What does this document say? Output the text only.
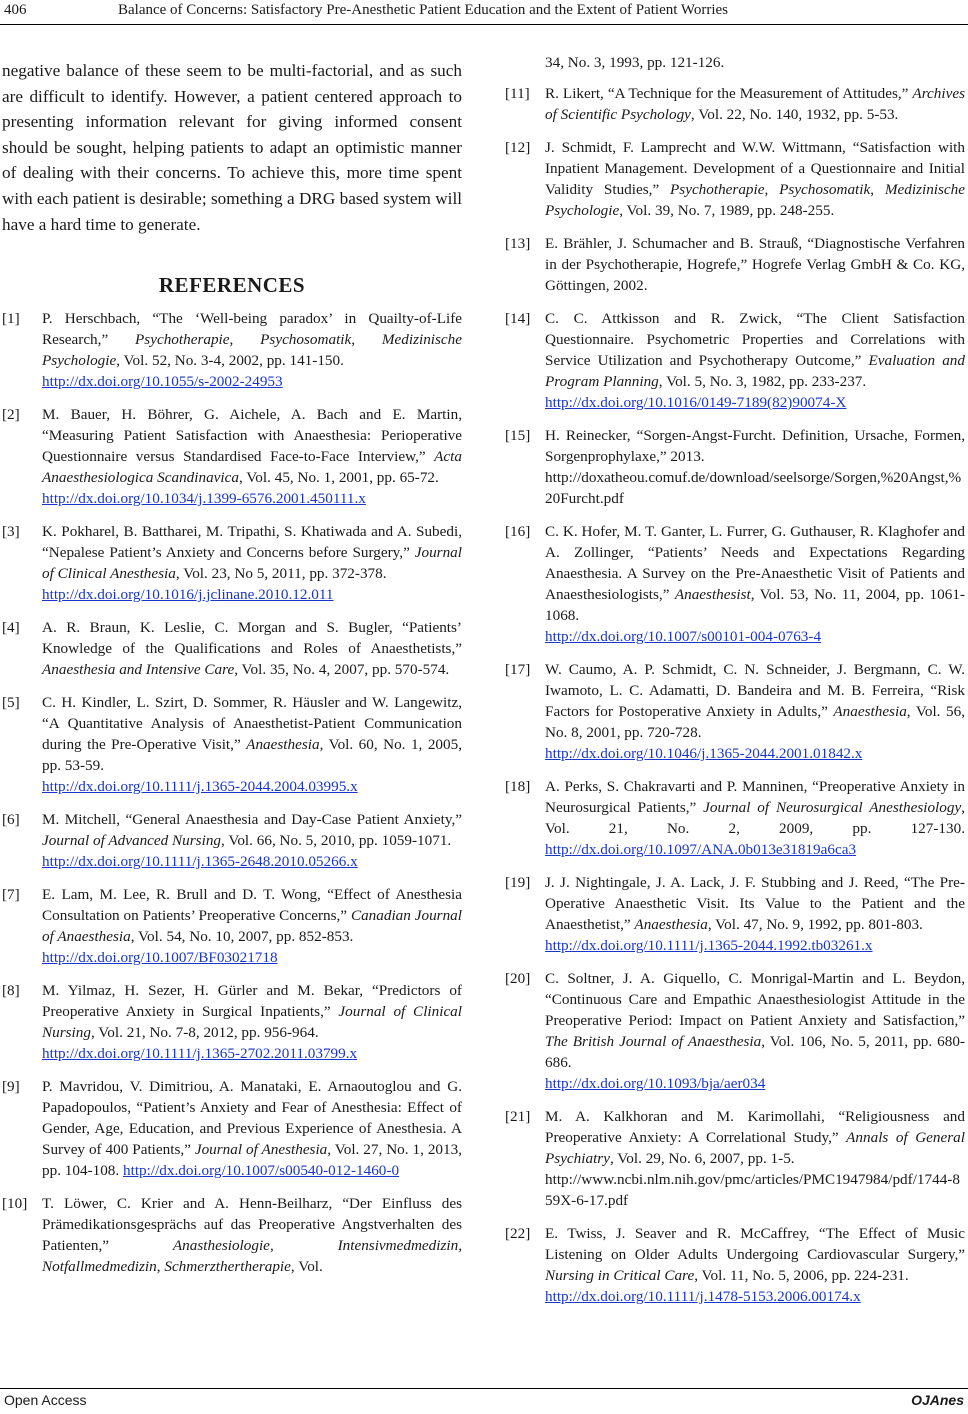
406	Balance of Concerns: Satisfactory Pre-Anesthetic Patient Education and the Extent of Patient Worries

negative balance of these seem to be multi-factorial, and as such are difficult to identify. However, a patient centered approach to presenting information relevant for giving informed consent should be sought, helping patients to adapt an optimistic manner of dealing with their concerns. To achieve this, more time spent with each patient is desirable; something a DRG based system will have a hard time to generate.

REFERENCES
[1]	P. Herschbach, “The ‘Well-being paradox’ in Quailty-of-Life Research,” Psychotherapie, Psychosomatik, Medizinische Psychologie, Vol. 52, No. 3-4, 2002, pp. 141-150.
http://dx.doi.org/10.1055/s-2002-24953
[2]	M. Bauer, H. Böhrer, G. Aichele, A. Bach and E. Martin, “Measuring Patient Satisfaction with Anaesthesia: Perioperative Questionnaire versus Standardised Face-to-Face Interview,” Acta Anaesthesiologica Scandinavica, Vol. 45, No. 1, 2001, pp. 65-72.
http://dx.doi.org/10.1034/j.1399-6576.2001.450111.x
[3]	K. Pokharel, B. Battharei, M. Tripathi, S. Khatiwada and A. Subedi, “Nepalese Patient’s Anxiety and Concerns before Surgery,” Journal of Clinical Anesthesia, Vol. 23, No 5, 2011, pp. 372-378.
http://dx.doi.org/10.1016/j.jclinane.2010.12.011
[4]	A. R. Braun, K. Leslie, C. Morgan and S. Bugler, “Patients’ Knowledge of the Qualifications and Roles of Anaesthetists,” Anaesthesia and Intensive Care, Vol. 35, No. 4, 2007, pp. 570-574.
[5]	C. H. Kindler, L. Szirt, D. Sommer, R. Häusler and W. Langewitz, “A Quantitative Analysis of Anaesthetist-Patient Communication during the Pre-Operative Visit,” Anaesthesia, Vol. 60, No. 1, 2005, pp. 53-59.
http://dx.doi.org/10.1111/j.1365-2044.2004.03995.x
[6]	M. Mitchell, “General Anaesthesia and Day-Case Patient Anxiety,” Journal of Advanced Nursing, Vol. 66, No. 5, 2010, pp. 1059-1071.
http://dx.doi.org/10.1111/j.1365-2648.2010.05266.x
[7]	E. Lam, M. Lee, R. Brull and D. T. Wong, “Effect of Anesthesia Consultation on Patients’ Preoperative Concerns,” Canadian Journal of Anaesthesia, Vol. 54, No. 10, 2007, pp. 852-853.
http://dx.doi.org/10.1007/BF03021718
[8]	M. Yilmaz, H. Sezer, H. Gürler and M. Bekar, “Predictors of Preoperative Anxiety in Surgical Inpatients,” Journal of Clinical Nursing, Vol. 21, No. 7-8, 2012, pp. 956-964.
http://dx.doi.org/10.1111/j.1365-2702.2011.03799.x
[9]	P. Mavridou, V. Dimitriou, A. Manataki, E. Arnaoutoglou and G. Papadopoulos, “Patient’s Anxiety and Fear of Anesthesia: Effect of Gender, Age, Education, and Previous Experience of Anesthesia. A Survey of 400 Patients,” Journal of Anesthesia, Vol. 27, No. 1, 2013, pp. 104-108. http://dx.doi.org/10.1007/s00540-012-1460-0
[10] T. Löwer, C. Krier and A. Henn-Beilharz, “Der Einfluss des Prämedikationsgesprächs auf das Preoperative Angstverhalten des Patienten,” Anasthesiologie, Intensivmedmedizin, Notfallmedmedizin, Schmerzthertherapie, Vol.
34, No. 3, 1993, pp. 121-126.
[11]	R. Likert, “A Technique for the Measurement of Attitudes,” Archives of Scientific Psychology, Vol. 22, No. 140, 1932, pp. 5-53.
[12] J. Schmidt, F. Lamprecht and W.W. Wittmann, “Satisfaction with Inpatient Management. Development of a Questionnaire and Initial Validity Studies,” Psychotherapie, Psychosomatik, Medizinische Psychologie, Vol. 39, No. 7, 1989, pp. 248-255.
[13] E. Brähler, J. Schumacher and B. Strauß, “Diagnostische Verfahren in der Psychotherapie, Hogrefe,” Hogrefe Verlag GmbH & Co. KG, Göttingen, 2002.
[14] C. C. Attkisson and R. Zwick, “The Client Satisfaction Questionnaire. Psychometric Properties and Correlations with Service Utilization and Psychotherapy Outcome,” Evaluation and Program Planning, Vol. 5, No. 3, 1982, pp. 233-237.
http://dx.doi.org/10.1016/0149-7189(82)90074-X
[15] H. Reinecker, “Sorgen-Angst-Furcht. Definition, Ursache, Formen, Sorgenprophylaxe,” 2013.
http://doxatheou.comuf.de/download/seelsorge/Sorgen,%20Angst,%20Furcht.pdf
[16] C. K. Hofer, M. T. Ganter, L. Furrer, G. Guthauser, R. Klaghofer and A. Zollinger, “Patients’ Needs and Expectations Regarding Anaesthesia. A Survey on the Pre-Anaesthetic Visit of Patients and Anaesthesiologists,” Anaesthesist, Vol. 53, No. 11, 2004, pp. 1061-1068.
http://dx.doi.org/10.1007/s00101-004-0763-4
[17] W. Caumo, A. P. Schmidt, C. N. Schneider, J. Bergmann, C. W. Iwamoto, L. C. Adamatti, D. Bandeira and M. B. Ferreira, “Risk Factors for Postoperative Anxiety in Adults,” Anaesthesia, Vol. 56, No. 8, 2001, pp. 720-728.
http://dx.doi.org/10.1046/j.1365-2044.2001.01842.x
[18] A. Perks, S. Chakravarti and P. Manninen, “Preoperative Anxiety in Neurosurgical Patients,” Journal of Neurosurgical Anesthesiology, Vol. 21, No. 2, 2009, pp. 127-130. http://dx.doi.org/10.1097/ANA.0b013e31819a6ca3
[19] J. J. Nightingale, J. A. Lack, J. F. Stubbing and J. Reed, “The Pre-Operative Anaesthetic Visit. Its Value to the Patient and the Anaesthetist,” Anaesthesia, Vol. 47, No. 9, 1992, pp. 801-803.
http://dx.doi.org/10.1111/j.1365-2044.1992.tb03261.x
[20] C. Soltner, J. A. Giquello, C. Monrigal-Martin and L. Beydon, “Continuous Care and Empathic Anaesthesiologist Attitude in the Preoperative Period: Impact on Patient Anxiety and Satisfaction,” The British Journal of Anaesthesia, Vol. 106, No. 5, 2011, pp. 680-686.
http://dx.doi.org/10.1093/bja/aer034
[21] M. A. Kalkhoran and M. Karimollahi, “Religiousness and Preoperative Anxiety: A Correlational Study,” Annals of General Psychiatry, Vol. 29, No. 6, 2007, pp. 1-5.
http://www.ncbi.nlm.nih.gov/pmc/articles/PMC1947984/pdf/1744-859X-6-17.pdf
[22] E. Twiss, J. Seaver and R. McCaffrey, “The Effect of Music Listening on Older Adults Undergoing Cardiovascular Surgery,” Nursing in Critical Care, Vol. 11, No. 5, 2006, pp. 224-231.
http://dx.doi.org/10.1111/j.1478-5153.2006.00174.x
Open Access	OJAnes
